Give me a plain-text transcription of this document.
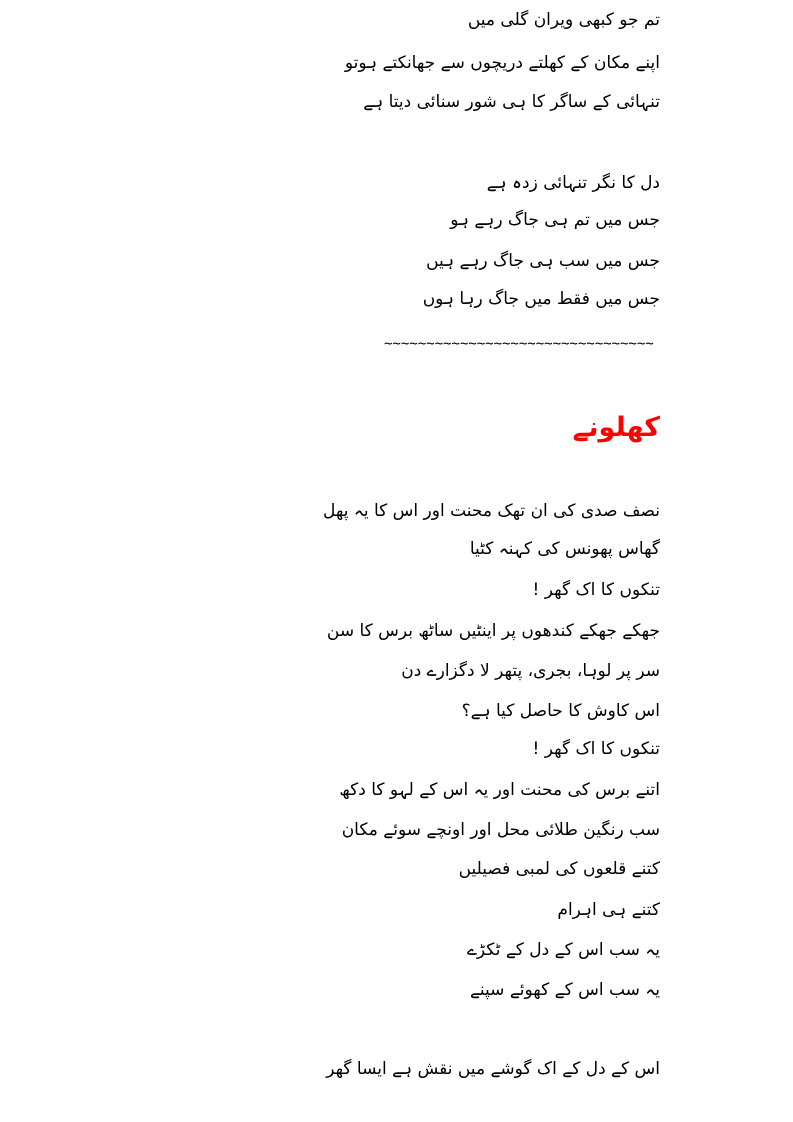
تم جو کبھی ویران گلی میں
اپنے مکان کے کھلتے دریچوں سے جھانکتے ہوتو
تنہائی کے ساگر کا ہی شور سنائی دیتا ہے
دل کا نگر تنہائی زدہ ہے
جس میں تم ہی جاگ رہے ہو
جس میں سب ہی جاگ رہے ہیں
جس میں فقط میں جاگ رہا ہوں
~~~~~~~~~~~~~~~~~~~~~~~~~~~~~~~~
کھلونے
نصف صدی کی ان تھک محنت اور اس کا یہ پھل
گھاس پھونس کی کہنہ کٹیا
تنکوں کا اک گھر !
جھکے جھکے کندھوں پر اینٹیں ساٹھ برس کا سن
سر پر لوہا، بجری، پتھر لا دگزارے دن
اس کاوش کا حاصل کیا ہے؟
تنکوں کا اک گھر !
اتنے برس کی محنت اور یہ اس کے لہو کا دکھ
سب رنگین طلائی محل اور اونچے سوئے مکان
کتنے قلعوں کی لمبی فصیلیں
کتنے ہی اہرام
یہ سب اس کے دل کے ٹکڑے
یہ سب اس کے کھوئے سپنے
اس کے دل کے اک گوشے میں نقش ہے ایسا گھر
